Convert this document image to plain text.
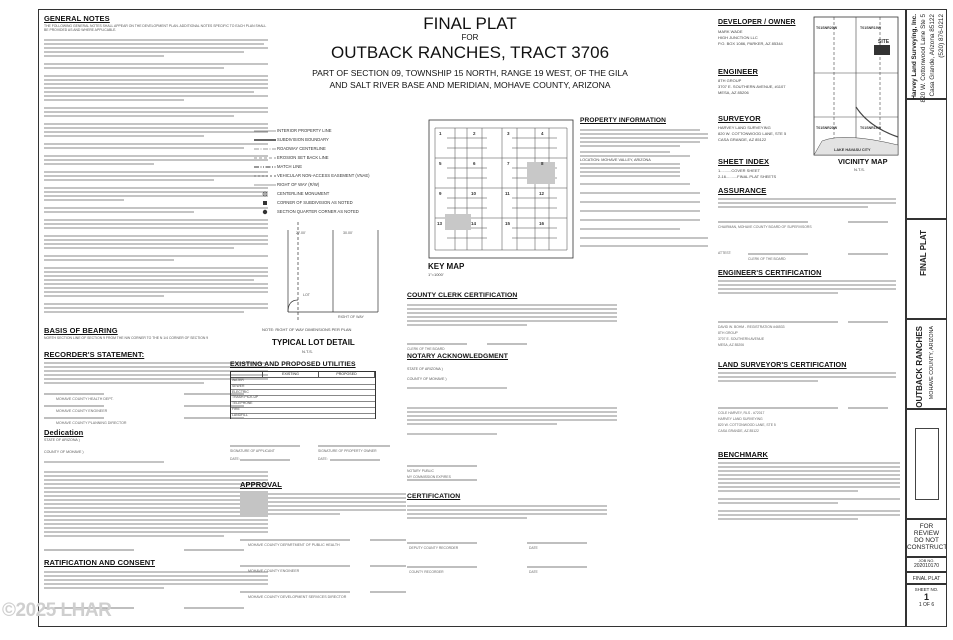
FINAL PLAT
FOR
OUTBACK RANCHES, TRACT 3706
PART OF SECTION 09, TOWNSHIP 15 NORTH, RANGE 19 WEST, OF THE GILA
AND SALT RIVER BASE AND MERIDIAN, MOHAVE COUNTY, ARIZONA
GENERAL NOTES
THE FOLLOWING GENERAL NOTES SHALL APPEAR ON THE DEVELOPMENT PLAN. ADDITIONAL NOTES SPECIFIC TO EACH PLAN SHALL BE PROVIDED AS AND WHERE APPLICABLE.
BASIS OF BEARING
NORTH SECTION LINE OF SECTION 9 FROM THE NW CORNER TO THE N 1/4 CORNER OF SECTION 9
RECORDER'S STATEMENT:
MOHAVE COUNTY HEALTH DEPT.
MOHAVE COUNTY ENGINEER
MOHAVE COUNTY PLANNING DIRECTOR
Dedication
STATE OF ARIZONA )
COUNTY OF MOHAVE )
RATIFICATION AND CONSENT
INTERIOR PROPERTY LINE
SUBDIVISION BOUNDARY
ROADWAY CENTERLINE
EROSION SET BACK LINE
MATCH LINE
VEHICULAR NON-ACCESS EASEMENT (VNAE)
RIGHT OF WAY (R/W)
CENTERLINE MONUMENT
CORNER OF SUBDIVISION AS NOTED
SECTION QUARTER CORNER AS NOTED
27.00'	30.00'
LOT
RIGHT OF WAY
NOTE: RIGHT OF WAY DIMENSIONS PER PLAN
TYPICAL LOT DETAIL
N.T.S.
EXISTING AND PROPOSED UTILITIES
EXISTING	PROPOSED
WATER
SEWER
ELECTRIC
TRASH PICK-UP
TELEPHONE
FIRE
LANDFILL
SIGNATURE OF APPLICANT	SIGNATURE OF PROPERTY OWNER
DATE:	DATE:
APPROVAL
MOHAVE COUNTY DEPARTMENT OF PUBLIC HEALTH
MOHAVE COUNTY ENGINEER
MOHAVE COUNTY DEVELOPMENT SERVICES DIRECTOR
1	2	3	4
5	6	7	8
9	10	11	12
13	14	15	16
KEY MAP
1"=1000'
PROPERTY INFORMATION
LOCATION: MOHAVE VALLEY, ARIZONA
COUNTY CLERK CERTIFICATION
CLERK OF THE BOARD
NOTARY ACKNOWLEDGMENT
STATE OF ARIZONA )
COUNTY OF MOHAVE )
NOTARY PUBLIC
MY COMMISSION EXPIRES
CERTIFICATION
DEPUTY COUNTY RECORDER	DATE
COUNTY RECORDER	DATE
DEVELOPER / OWNER
MARK WADE
HIGH JUNCTION LLC
P.O. BOX 1086, PARKER, AZ 85344
ENGINEER
8TH GROUP
3707 E. SOUTHERN AVENUE, #1107
MESA, AZ 85206
SURVEYOR
HARVEY LAND SURVEYING
820 W. COTTONWOOD LANE, STE 5
CASA GRANDE, AZ 85122
SHEET INDEX
1..........COVER SHEET
2-16..........FINAL PLAT SHEETS
ASSURANCE
CHAIRMAN, MOHAVE COUNTY BOARD OF SUPERVISORS
ATTEST:
CLERK OF THE BOARD
T01SNR20W	T01SNR19W
SITE
T01SNR19W
T01SNR20W
LAKE HAVASU CITY
VICINITY MAP
N.T.S.
ENGINEER'S CERTIFICATION
DAVID W. BOHM - REGISTRATION #46533
8TH GROUP
3707 E. SOUTHERN AVENUE
MESA, AZ 85206
LAND SURVEYOR'S CERTIFICATION
COLE HARVEY, RLS - #72017
HARVEY LAND SURVEYING
820 W. COTTONWOOD LANE, STE 5
CASA GRANDE, AZ 85122
BENCHMARK
Harvey Land Surveying, Inc. 820 W. Cottonwood Lane Ste 5 Casa Grande, Arizona 85122 (520) 876-0212
FINAL PLAT
OUTBACK RANCHES MOHAVE COUNTY, ARIZONA
FOR REVIEW
DO NOT
CONSTRUCT
JOB NO.
202010170
FINAL PLAT
SHEET NO.
1
1 OF 6
©2025 LHAR
